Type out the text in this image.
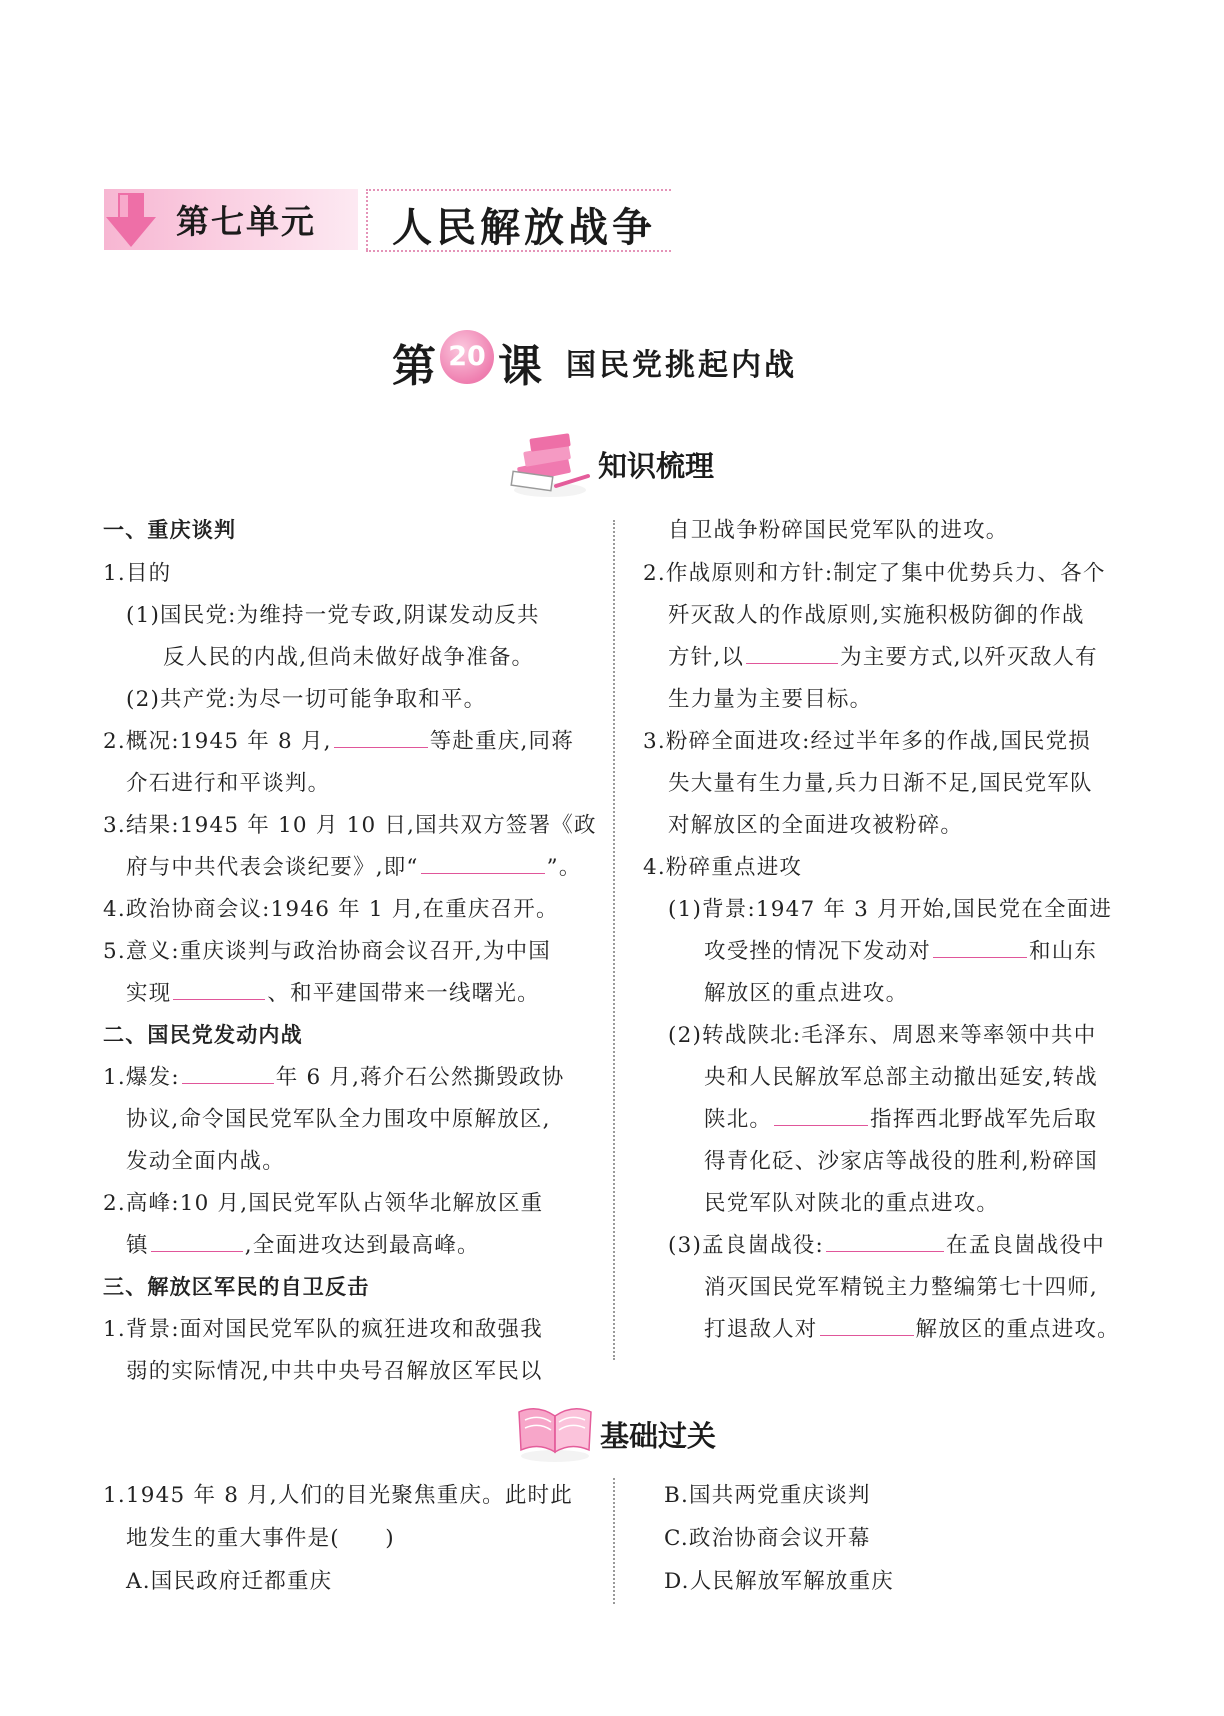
第七单元 人民解放战争
第 20 课 国民党挑起内战
知识梳理
一、重庆谈判
1.目的
(1)国民党:为维持一党专政,阴谋发动反共
反人民的内战,但尚未做好战争准备。
(2)共产党:为尽一切可能争取和平。
2.概况:1945 年 8 月,	等赴重庆,同蒋
介石进行和平谈判。
3.结果:1945 年 10 月 10 日,国共双方签署《政
府与中共代表会谈纪要》,即“	”。
4.政治协商会议:1946 年 1 月,在重庆召开。
5.意义:重庆谈判与政治协商会议召开,为中国
实现	、和平建国带来一线曙光。
二、国民党发动内战
1.爆发:	年 6 月,蒋介石公然撕毁政协
协议,命令国民党军队全力围攻中原解放区,
发动全面内战。
2.高峰:10 月,国民党军队占领华北解放区重
镇	,全面进攻达到最高峰。
三、解放区军民的自卫反击
1.背景:面对国民党军队的疯狂进攻和敌强我
弱的实际情况,中共中央号召解放区军民以
自卫战争粉碎国民党军队的进攻。
2.作战原则和方针:制定了集中优势兵力、各个
歼灭敌人的作战原则,实施积极防御的作战
方针,以	为主要方式,以歼灭敌人有
生力量为主要目标。
3.粉碎全面进攻:经过半年多的作战,国民党损
失大量有生力量,兵力日渐不足,国民党军队
对解放区的全面进攻被粉碎。
4.粉碎重点进攻
(1)背景:1947 年 3 月开始,国民党在全面进
攻受挫的情况下发动对	和山东
解放区的重点进攻。
(2)转战陕北:毛泽东、周恩来等率领中共中
央和人民解放军总部主动撤出延安,转战
陕北。	指挥西北野战军先后取
得青化砭、沙家店等战役的胜利,粉碎国
民党军队对陕北的重点进攻。
(3)孟良崮战役:	在孟良崮战役中
消灭国民党军精锐主力整编第七十四师,
打退敌人对	解放区的重点进攻。
基础过关
1.1945 年 8 月,人们的目光聚焦重庆。此时此
地发生的重大事件是(　　)
A.国民政府迁都重庆
B.国共两党重庆谈判
C.政治协商会议开幕
D.人民解放军解放重庆
